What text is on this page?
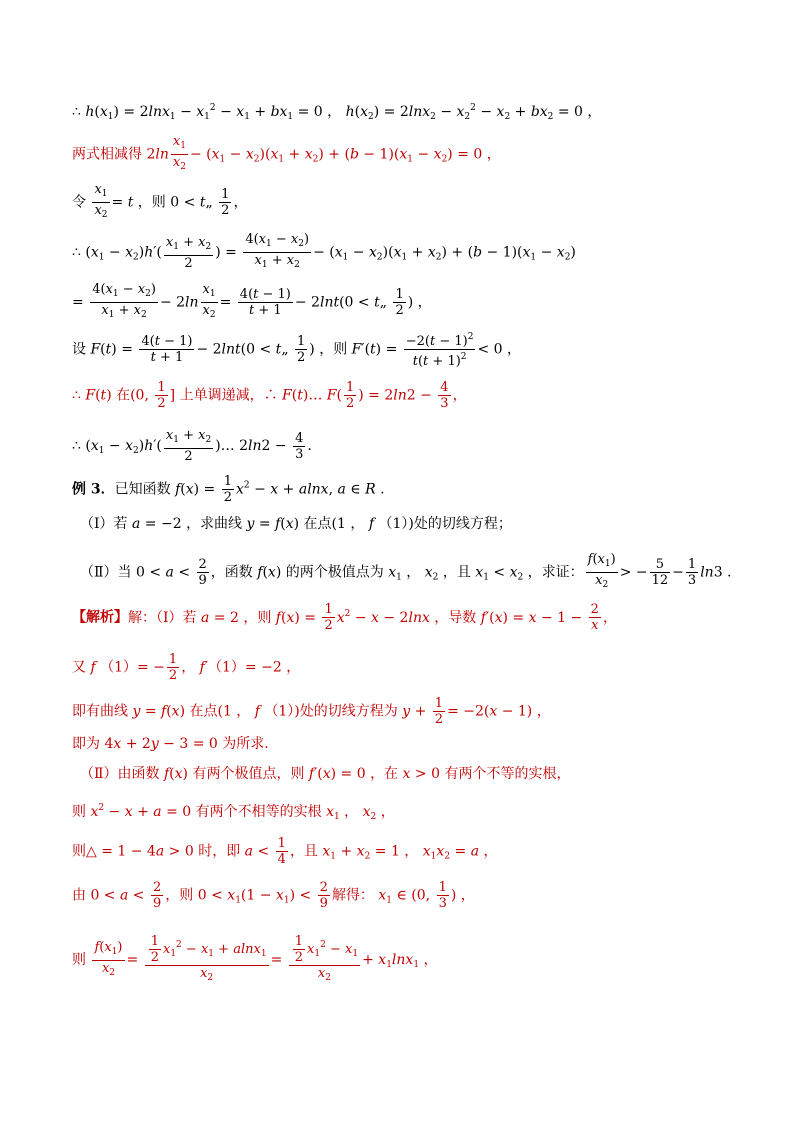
∴ $h(x_1) = 2\ln x_1 - x_1^2 - x_1 + bx_1 = 0$ ， $h(x_2) = 2\ln x_2 - x_2^2 - x_2 + bx_2 = 0$ ，
两式相减得 $2\ln \frac{x_1}{x_2} - (x_1 - x_2)(x_1 + x_2) + (b - 1)(x_1 - x_2) = 0$ ，
令 $\frac{x_1}{x_2} = t$ ，则 0 < t„ $\frac{1}{2}$ ，
∴ $(x_1 - x_2)h'( \frac{x_1 + x_2}{2}$ ) = $\frac{4(x_1 - x_2)}{x_1 + x_2} - (x_1 - x_2)(x_1 + x_2) + (b - 1)(x_1 - x_2)$
= $\frac{4(x_1 - x_2)}{x_1 + x_2} - 2\ln \frac{x_1}{x_2} = \frac{4(t - 1)}{t + 1} - 2\ln t(0$ < t„ $\frac{1}{2}$ ) ，
设 $F(t) = \frac{4(t - 1)}{t + 1} - 2\ln t(0$ < t„ $\frac{1}{2}$ ) ，则 $F'(t) = \frac{-2(t - 1)^2}{t(t + 1)^2} < 0$ ，
∴ F(t) 在(0, $\frac{1}{2}$ ] 上单调递减，∴ F(t)… $F( \frac{1}{2}$ ) = $2\ln 2 - \frac{4}{3}$ ，
∴ $(x_1 - x_2)h'( \frac{x_1 + x_2}{2}$ )… $2\ln 2 - \frac{4}{3}$ .
例 3．已知函数 $f(x) = \frac{1}{2} x^2 - x + alnx$, a ∈ R .
（Ⅰ）若 a = −2 ，求曲线 y = f(x) 在点(1 ， f （1）)处的切线方程；
（Ⅱ）当 $0 < a < \frac{2}{9}$ ，函数 f(x) 的两个极值点为 $x_1$ ， $x_2$ ，且 $x_1 < x_2$ ，求证： $\frac{f(x_1)}{x_2}$ > − $\frac{5}{12} - \frac{1}{3} \ln 3$ .
【解析】解：（Ⅰ）若 a = 2 ，则 $f(x) = \frac{1}{2} x^2 - x - 2\ln x$ ，导数 $f'(x) = x - 1 - \frac{2}{x}$ ，
又 f $(1)= - \frac{1}{2}$ ， f′（1）= −2 ，
即有曲线 y = f(x) 在点(1 ， f （1）)处的切线方程为 $y + \frac{1}{2} = -2(x - 1)$ ，
即为 4x + 2y − 3 = 0 为所求.
（Ⅱ）由函数 f(x) 有两个极值点，则 f′(x) = 0 ，在 x > 0 有两个不等的实根，
则 $x^2 - x + a = 0$ 有两个不相等的实根 $x_1$ ， $x_2$ ，
则△ = 1 − 4a > 0 时，即 $a < \frac{1}{4}$ ，且 $x_1 + x_2 = 1$ ， $x_1x_2 = a$ ，
由 $0 < a < \frac{2}{9}$ ，则 $0 < x_1(1 - x_1) < \frac{2}{9}$ 解得： $x_1$ ∈ (0, $\frac{1}{3}$ ) ，
则 $\frac{f(x_1)}{x_2} = \frac{\frac{1}{2} x_1^2 - x_1 + alnx_1}{x_2} = \frac{\frac{1}{2} x_1^2 - x_1}{x_2} + x_1\ln x_1$ ，
